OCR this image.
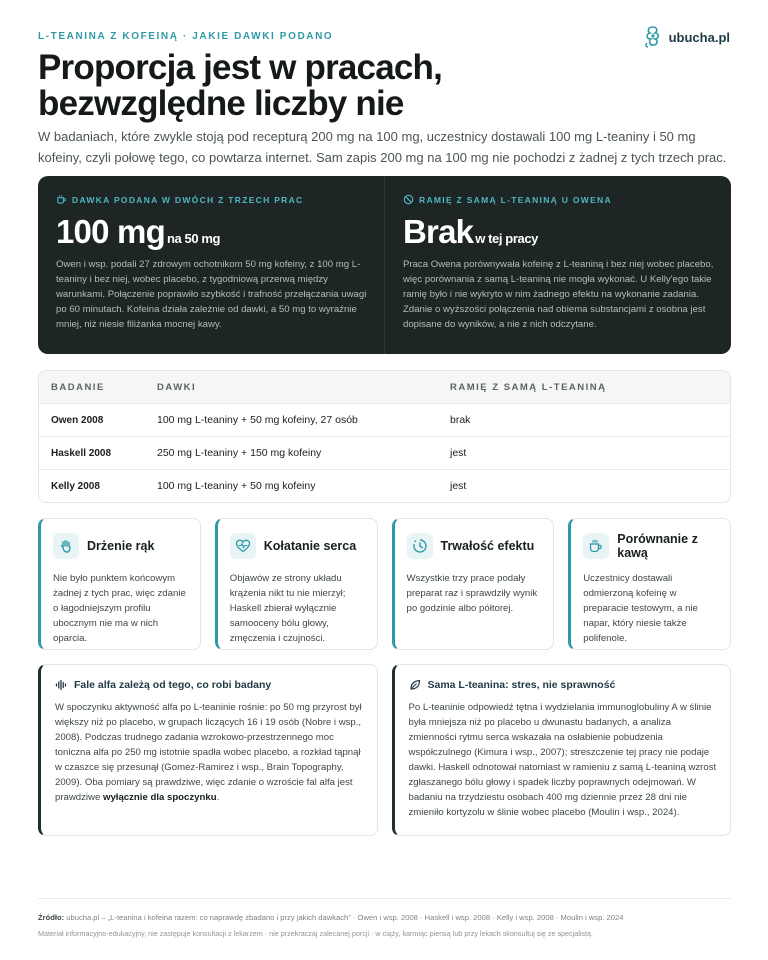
L-TEANINA Z KOFEINĄ · JAKIE DAWKI PODANO	ubucha.pl
Proporcja jest w pracach, bezwzględne liczby nie

W badaniach, które zwykle stoją pod recepturą 200 mg na 100 mg, uczestnicy dostawali 100 mg L-teaniny i 50 mg kofeiny, czyli połowę tego, co powtarza internet. Sam zapis 200 mg na 100 mg nie pochodzi z żadnej z tych trzech prac.

DAWKA PODANA W DWÓCH Z TRZECH PRAC
100 mg na 50 mg

Owen i wsp. podali 27 zdrowym ochotnikom 50 mg kofeiny, z 100 mg L-teaniny i bez niej, wobec placebo, z tygodniową przerwą między warunkami. Połączenie poprawiło szybkość i trafność przełączania uwagi po 60 minutach. Kofeina działa zależnie od dawki, a 50 mg to wyraźnie mniej, niż niesie filiżanka mocnej kawy.

RAMIĘ Z SAMĄ L-TEANINĄ U OWENA
Brak w tej pracy

Praca Owena porównywała kofeinę z L-teaniną i bez niej wobec placebo, więc porównania z samą L-teaniną nie mogła wykonać. U Kelly'ego takie ramię było i nie wykryto w nim żadnego efektu na wykonanie zadania. Zdanie o wyższości połączenia nad obiema substancjami z osobna jest dopisane do wyników, a nie z nich odczytane.

BADANIE	DAWKI	RAMIĘ Z SAMĄ L-TEANINĄ
Owen 2008	100 mg L-teaniny + 50 mg kofeiny, 27 osób	brak
Haskell 2008	250 mg L-teaniny + 150 mg kofeiny	jest
Kelly 2008	100 mg L-teaniny + 50 mg kofeiny	jest
Drżenie rąk

Nie było punktem końcowym żadnej z tych prac, więc zdanie o łagodniejszym profilu ubocznym nie ma w nich oparcia.

Kołatanie serca

Objawów ze strony układu krążenia nikt tu nie mierzył; Haskell zbierał wyłącznie samooceny bólu głowy, zmęczenia i czujności.

Trwałość efektu

Wszystkie trzy prace podały preparat raz i sprawdziły wynik po godzinie albo półtorej.

Porównanie z kawą

Uczestnicy dostawali odmierzoną kofeinę w preparacie testowym, a nie napar, który niesie także polifenole.

Fale alfa zależą od tego, co robi badany

W spoczynku aktywność alfa po L-teaninie rośnie: po 50 mg przyrost był większy niż po placebo, w grupach liczących 16 i 19 osób (Nobre i wsp., 2008). Podczas trudnego zadania wzrokowo-przestrzennego moc toniczna alfa po 250 mg istotnie spadła wobec placebo, a rozkład tąpnął w czaszce się przesunął (Gomez-Ramirez i wsp., Brain Topography, 2009). Oba pomiary są prawdziwe, więc zdanie o wzroście fal alfa jest prawdziwe wyłącznie dla spoczynku.

Sama L-teanina: stres, nie sprawność

Po L-teaninie odpowiedź tętna i wydzielania immunoglobuliny A w ślinie była mniejsza niż po placebo u dwunastu badanych, a analiza zmienności rytmu serca wskazała na osłabienie pobudzenia współczulnego (Kimura i wsp., 2007); streszczenie tej pracy nie podaje dawki. Haskell odnotował natomiast w ramieniu z samą L-teaniną wzrost zgłaszanego bólu głowy i spadek liczby poprawnych odejmowań. W badaniu na trzydziestu osobach 400 mg dziennie przez 28 dni nie zmieniło kortyzolu w ślinie wobec placebo (Moulin i wsp., 2024).

Źródło: ubucha.pl – „L-teanina i kofeina razem: co naprawdę zbadano i przy jakich dawkach” · Owen i wsp. 2008 · Haskell i wsp. 2008 · Kelly i wsp. 2008 · Moulin i wsp. 2024

Materiał informacyjno-edukacyjny, nie zastępuje konsultacji z lekarzem · nie przekraczaj zalecanej porcji · w ciąży, karmiąc piersią lub przy lekach skonsultuj się ze specjalistą.
